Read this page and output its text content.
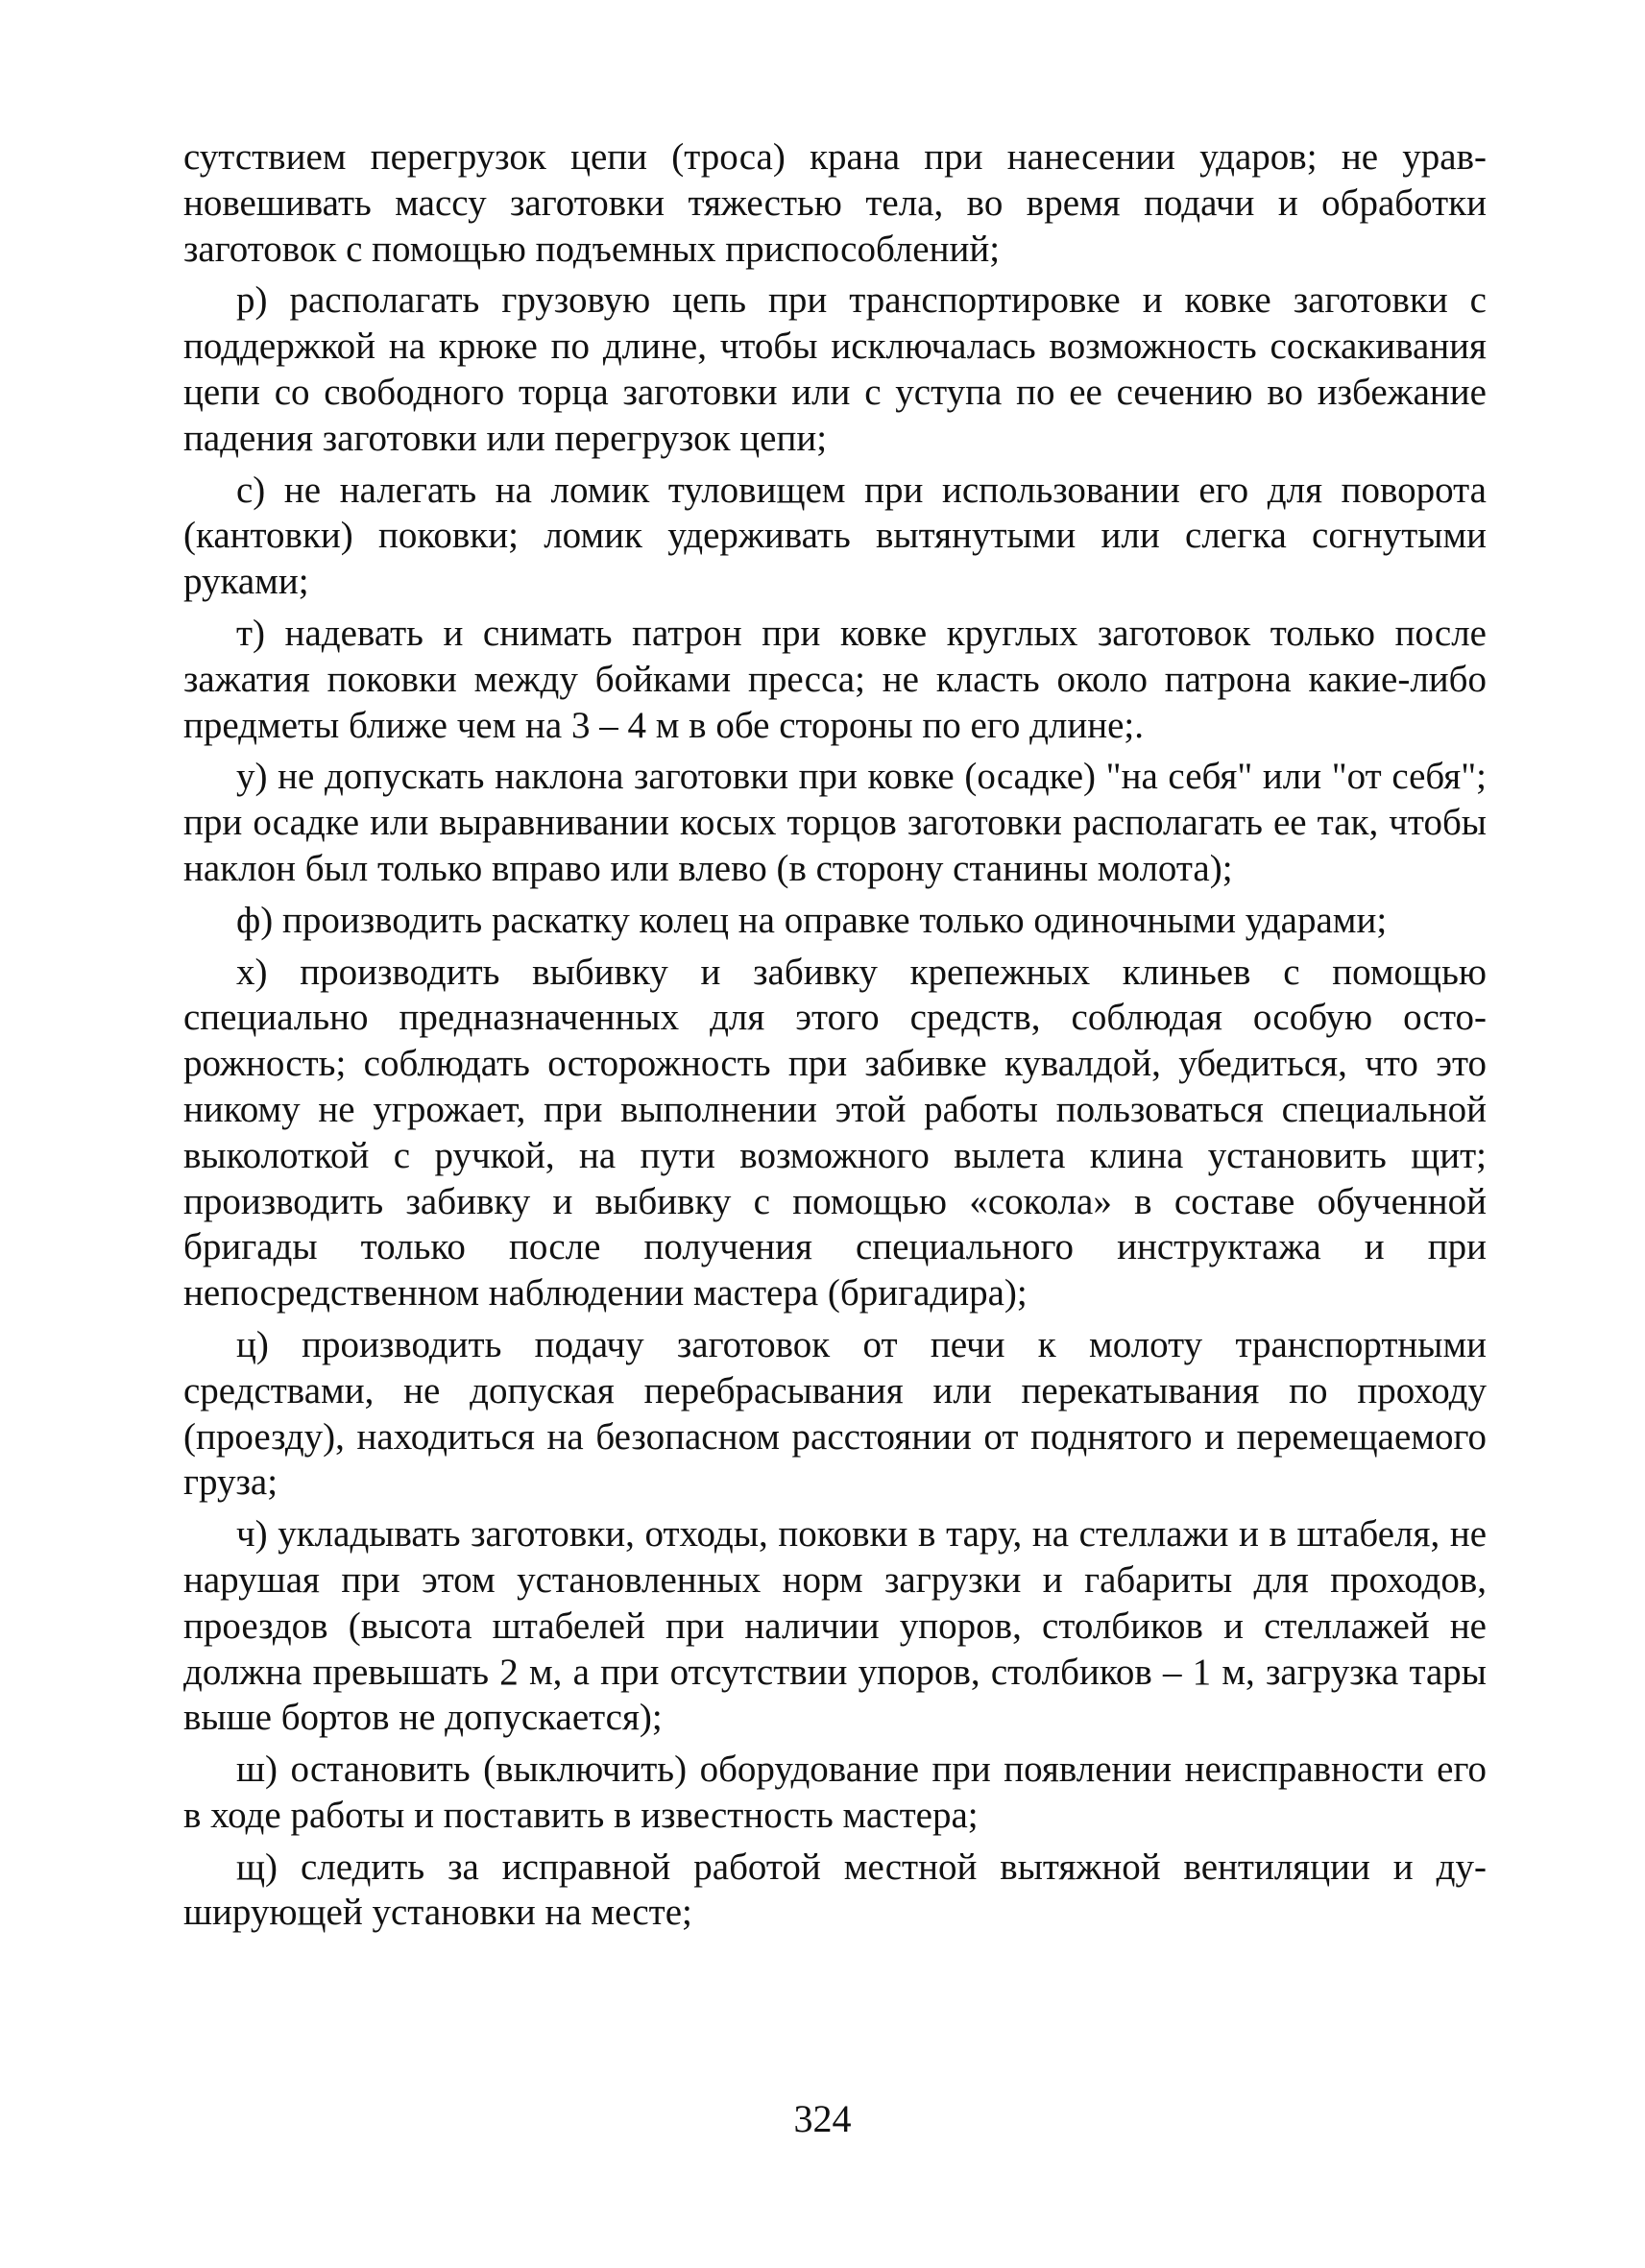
сутствием перегрузок цепи (троса) крана при нанесении ударов; не уравновешивать массу заготовки тяжестью тела, во время подачи и обработки заготовок с помощью подъемных приспособлений;

р) располагать грузовую цепь при транспортировке и ковке заготовки с поддержкой на крюке по длине, чтобы исключалась возможность соскакивания цепи со свободного торца заготовки или с уступа по ее сечению во избежание падения заготовки или перегрузок цепи;

с) не налегать на ломик туловищем при использовании его для поворота (кантовки) поковки; ломик удерживать вытянутыми или слегка согнутыми руками;

т) надевать и снимать патрон при ковке круглых заготовок только после зажатия поковки между бойками пресса; не класть около патрона какие-либо предметы ближе чем на 3 – 4 м в обе стороны по его длине;.

у) не допускать наклона заготовки при ковке (осадке) "на себя" или "от себя"; при осадке или выравнивании косых торцов заготовки располагать ее так, чтобы наклон был только вправо или влево (в сторону станины молота);

ф) производить раскатку колец на оправке только одиночными ударами;

х) производить выбивку и забивку крепежных клиньев с помощью специально предназначенных для этого средств, соблюдая особую осторожность; соблюдать осторожность при забивке кувалдой, убедиться, что это никому не угрожает, при выполнении этой работы пользоваться специальной выколоткой с ручкой, на пути возможного вылета клина установить щит; производить забивку и выбивку с помощью «сокола» в составе обученной бригады только после получения специального инструктажа и при непосредственном наблюдении мастера (бригадира);

ц) производить подачу заготовок от печи к молоту транспортными средствами, не допуская перебрасывания или перекатывания по проходу (проезду), находиться на безопасном расстоянии от поднятого и перемещаемого груза;

ч) укладывать заготовки, отходы, поковки в тару, на стеллажи и в штабеля, не нарушая при этом установленных норм загрузки и габариты для проходов, проездов (высота штабелей при наличии упоров, столбиков и стеллажей не должна превышать 2 м, а при отсутствии упоров, столбиков – 1 м, загрузка тары выше бортов не допускается);

ш) остановить (выключить) оборудование при появлении неисправности его в ходе работы и поставить в известность мастера;

щ) следить за исправной работой местной вытяжной вентиляции и душирующей установки на месте;

324
